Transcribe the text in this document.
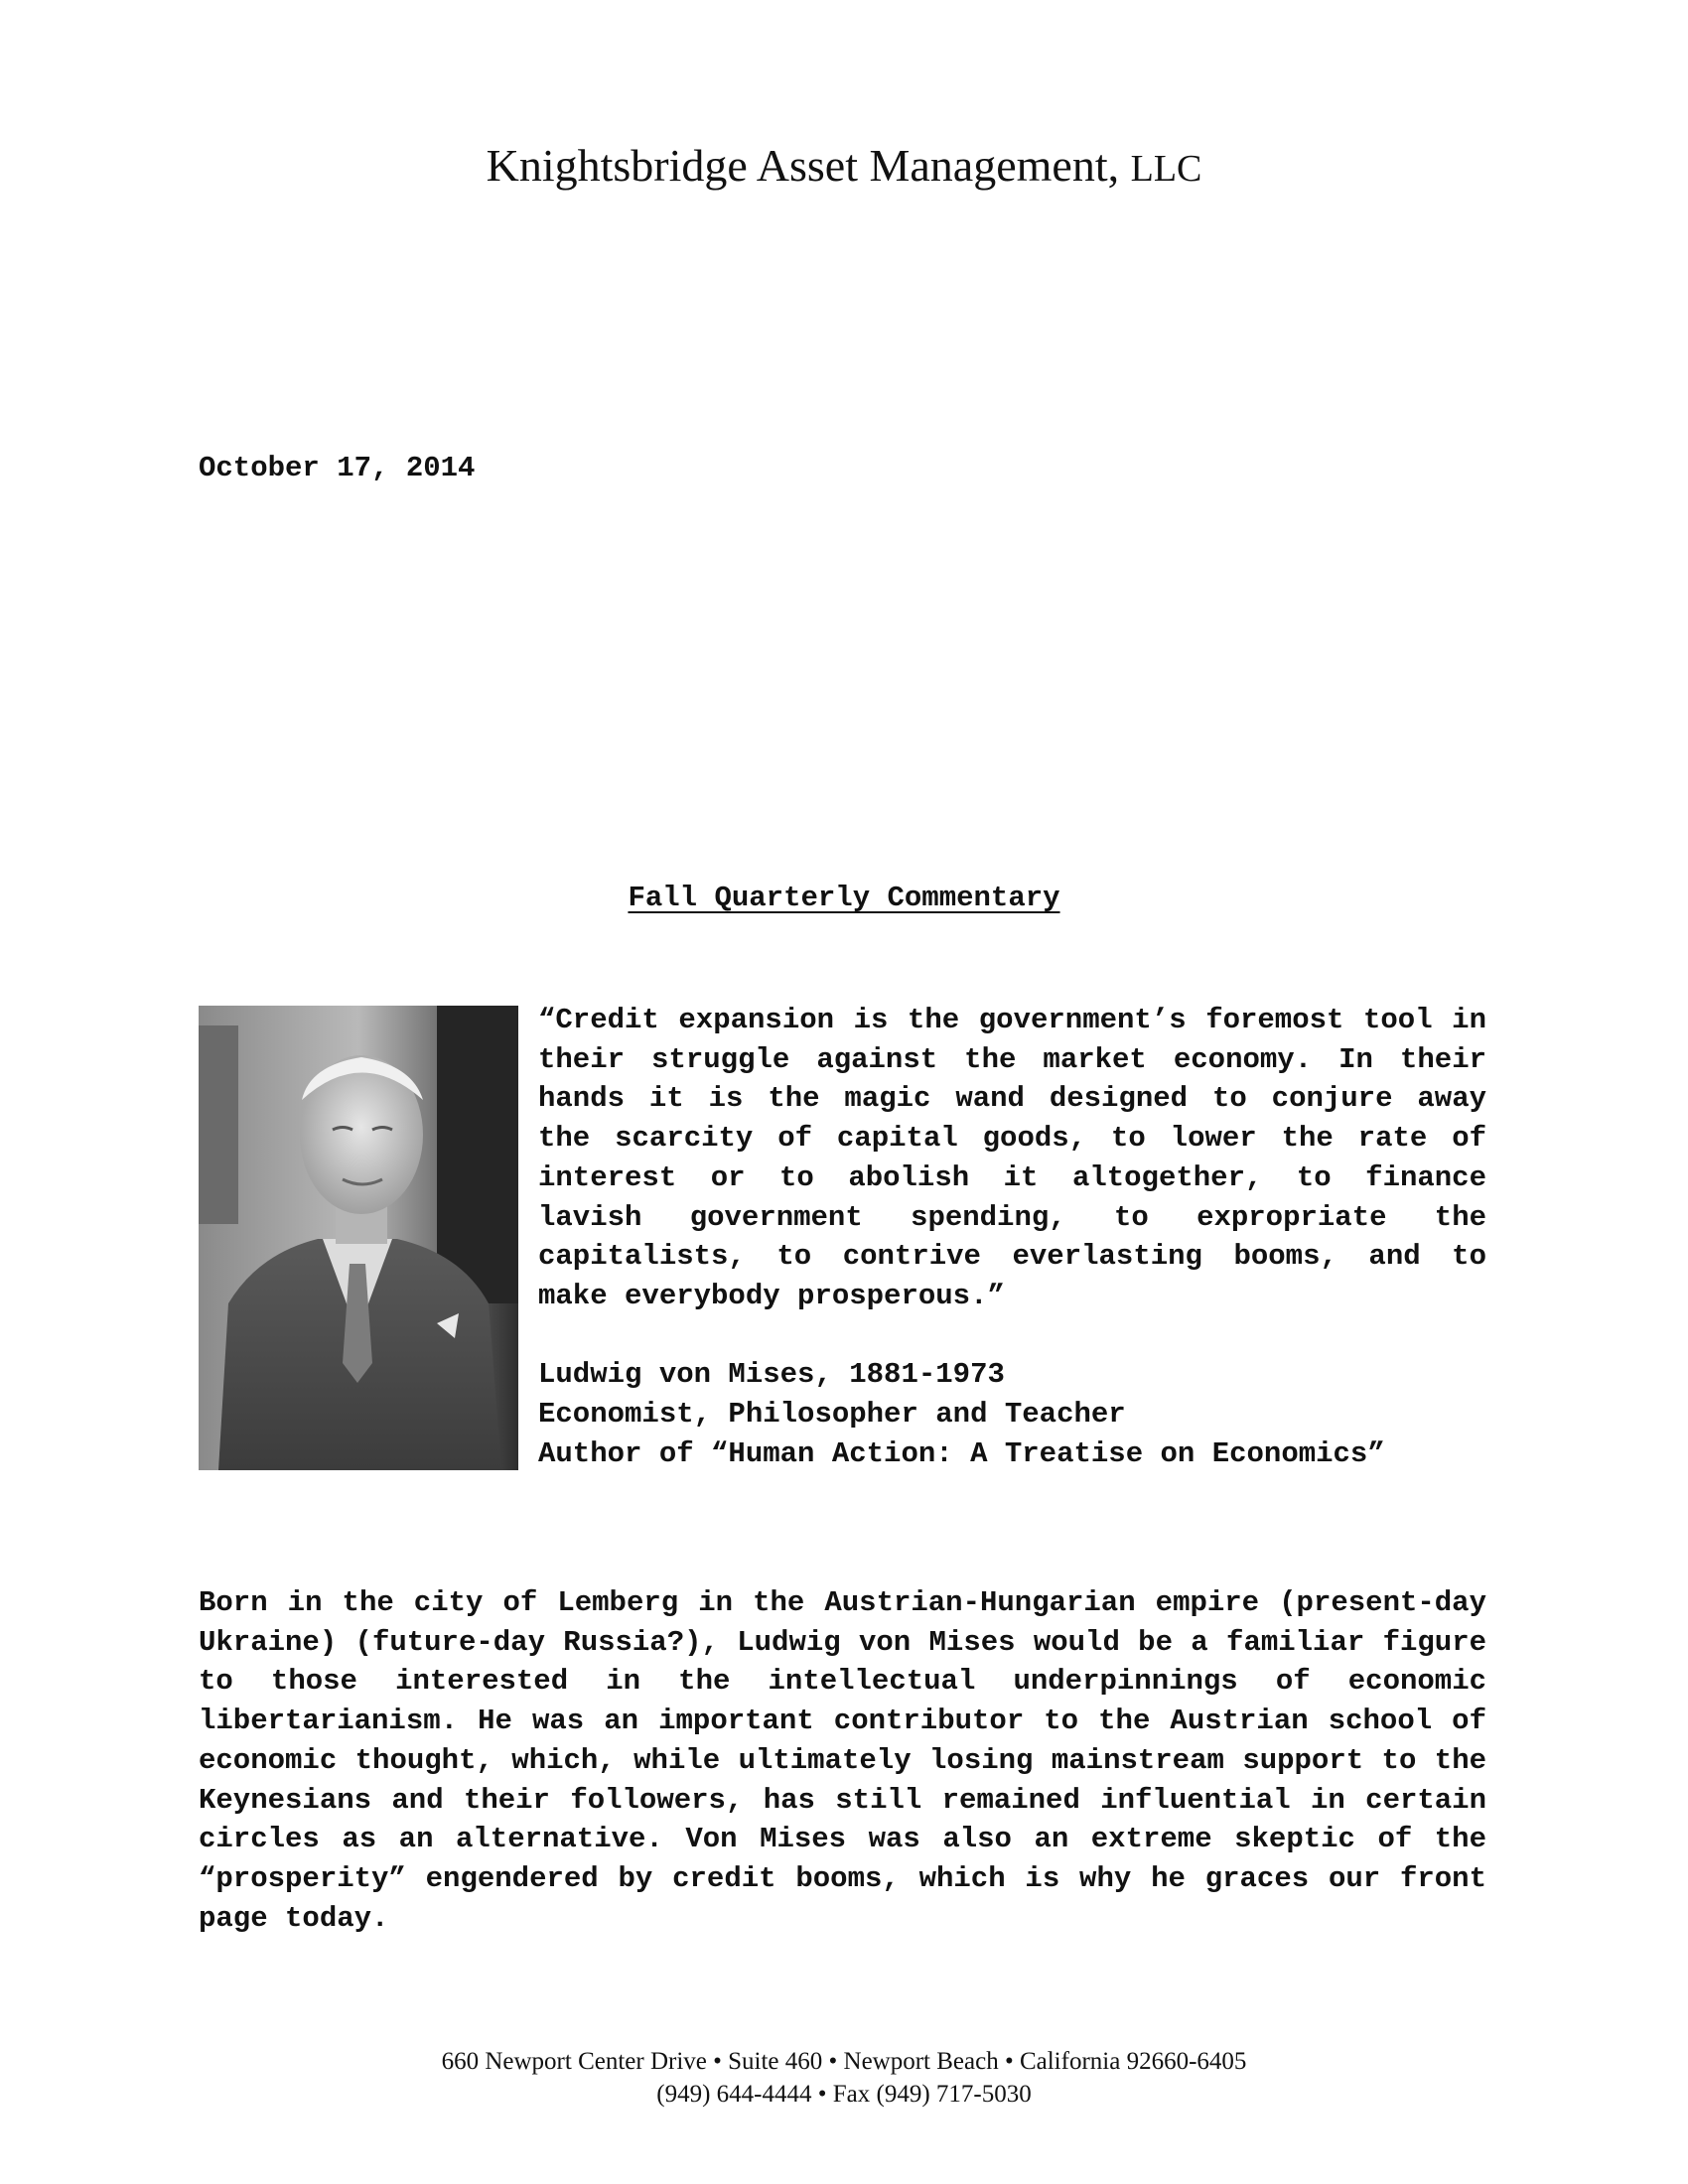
Knightsbridge Asset Management, LLC
October 17, 2014
Fall Quarterly Commentary

“Credit expansion is the government’s foremost tool in their struggle against the market economy. In their hands it is the magic wand designed to conjure away the scarcity of capital goods, to lower the rate of interest or to abolish it altogether, to finance lavish government spending, to expropriate the capitalists, to contrive everlasting booms, and to make everybody prosperous.”

Ludwig von Mises, 1881-1973
Economist, Philosopher and Teacher
Author of “Human Action: A Treatise on Economics”

Born in the city of Lemberg in the Austrian-Hungarian empire (present-day Ukraine) (future-day Russia?), Ludwig von Mises would be a familiar figure to those interested in the intellectual underpinnings of economic libertarianism. He was an important contributor to the Austrian school of economic thought, which, while ultimately losing mainstream support to the Keynesians and their followers, has still remained influential in certain circles as an alternative. Von Mises was also an extreme skeptic of the “prosperity” engendered by credit booms, which is why he graces our front page today.

660 Newport Center Drive • Suite 460 • Newport Beach • California 92660-6405
(949) 644-4444 • Fax (949) 717-5030
